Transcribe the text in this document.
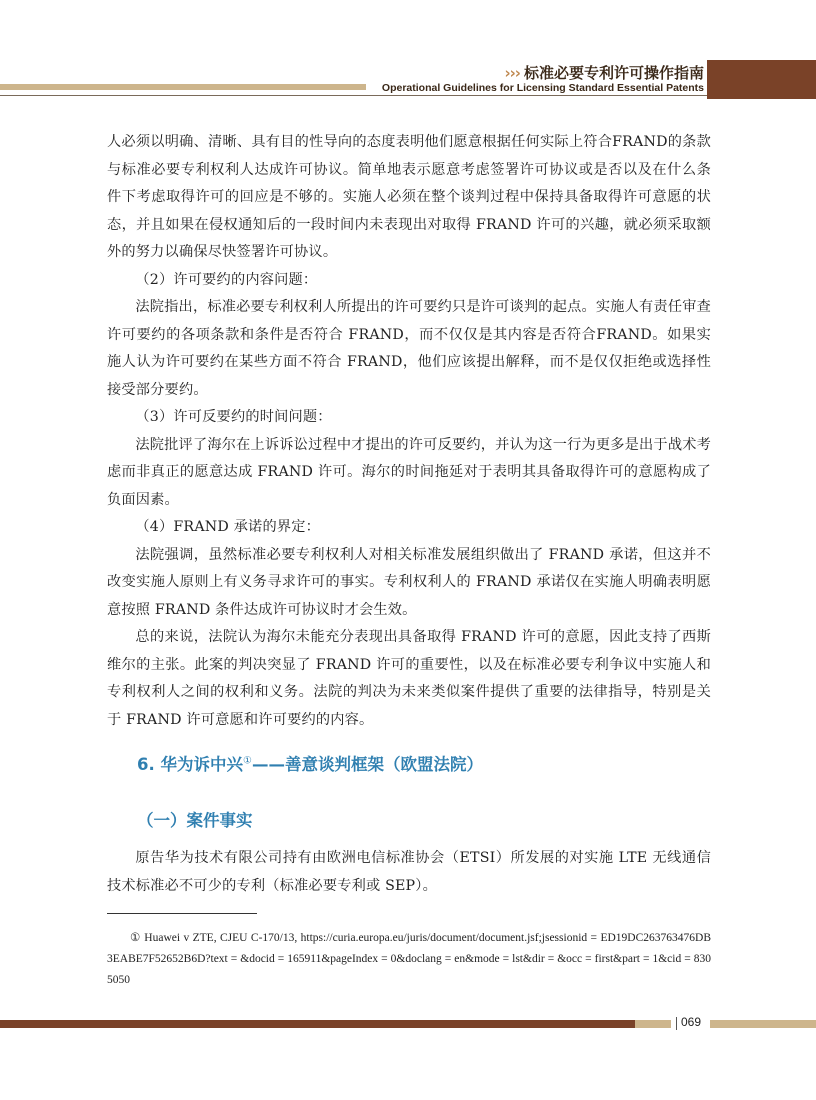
››› 标准必要专利许可操作指南
Operational Guidelines for Licensing Standard Essential Patents

人必须以明确、清晰、具有目的性导向的态度表明他们愿意根据任何实际上符合FRAND的条款与标准必要专利权利人达成许可协议。简单地表示愿意考虑签署许可协议或是否以及在什么条件下考虑取得许可的回应是不够的。实施人必须在整个谈判过程中保持具备取得许可意愿的状态，并且如果在侵权通知后的一段时间内未表现出对取得 FRAND 许可的兴趣，就必须采取额外的努力以确保尽快签署许可协议。

（2）许可要约的内容问题：

法院指出，标准必要专利权利人所提出的许可要约只是许可谈判的起点。实施人有责任审查许可要约的各项条款和条件是否符合 FRAND，而不仅仅是其内容是否符合FRAND。如果实施人认为许可要约在某些方面不符合 FRAND，他们应该提出解释，而不是仅仅拒绝或选择性接受部分要约。

（3）许可反要约的时间问题：

法院批评了海尔在上诉诉讼过程中才提出的许可反要约，并认为这一行为更多是出于战术考虑而非真正的愿意达成 FRAND 许可。海尔的时间拖延对于表明其具备取得许可的意愿构成了负面因素。

（4）FRAND 承诺的界定：

法院强调，虽然标准必要专利权利人对相关标准发展组织做出了 FRAND 承诺，但这并不改变实施人原则上有义务寻求许可的事实。专利权利人的 FRAND 承诺仅在实施人明确表明愿意按照 FRAND 条件达成许可协议时才会生效。

总的来说，法院认为海尔未能充分表现出具备取得 FRAND 许可的意愿，因此支持了西斯维尔的主张。此案的判决突显了 FRAND 许可的重要性，以及在标准必要专利争议中实施人和专利权利人之间的权利和义务。法院的判决为未来类似案件提供了重要的法律指导，特别是关于 FRAND 许可意愿和许可要约的内容。

6. 华为诉中兴①——善意谈判框架（欧盟法院）
（一）案件事实

原告华为技术有限公司持有由欧洲电信标准协会（ETSI）所发展的对实施 LTE 无线通信技术标准必不可少的专利（标准必要专利或 SEP）。

① Huawei v ZTE, CJEU C-170/13, https://curia.europa.eu/juris/document/document.jsf;jsessionid = ED19DC263763476DB3EABE7F52652B6D?text = &docid = 165911&pageIndex = 0&doclang = en&mode = lst&dir = &occ = first&part = 1&cid = 8305050
069
